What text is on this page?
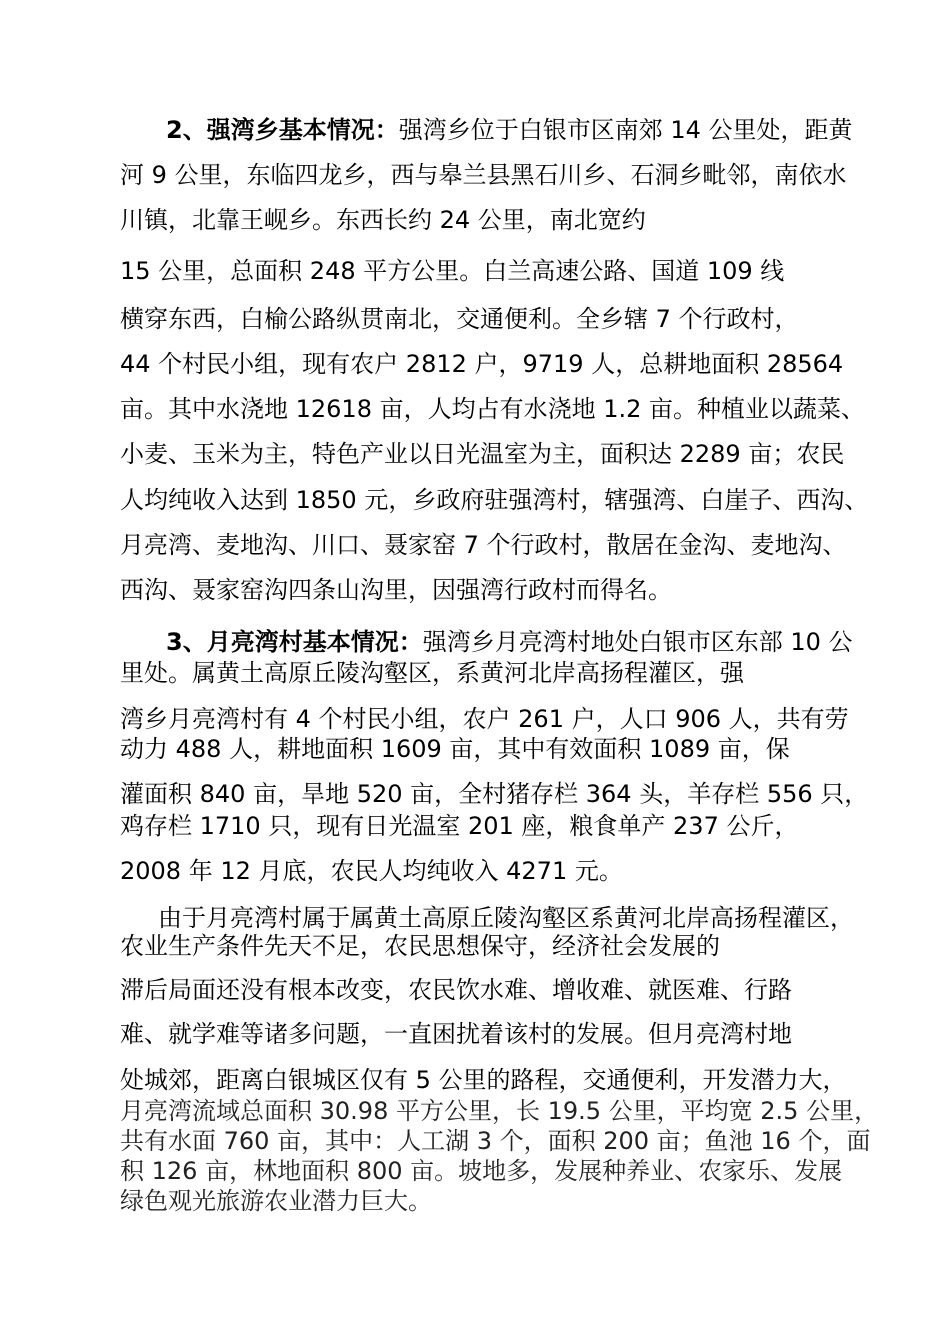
2、强湾乡基本情况：强湾乡位于白银市区南郊 14 公里处，距黄
河 9 公里，东临四龙乡，西与皋兰县黑石川乡、石洞乡毗邻，南依水
川镇，北靠王岘乡。东西长约 24 公里，南北宽约
15 公里，总面积 248 平方公里。白兰高速公路、国道 109 线
横穿东西，白榆公路纵贯南北，交通便利。全乡辖 7 个行政村，
44 个村民小组，现有农户 2812 户，9719 人，总耕地面积 28564
亩。其中水浇地 12618 亩，人均占有水浇地 1.2 亩。种植业以蔬菜、
小麦、玉米为主，特色产业以日光温室为主，面积达 2289 亩；农民
人均纯收入达到 1850 元，乡政府驻强湾村，辖强湾、白崖子、西沟、
月亮湾、麦地沟、川口、聂家窑 7 个行政村，散居在金沟、麦地沟、
西沟、聂家窑沟四条山沟里，因强湾行政村而得名。
3、月亮湾村基本情况：强湾乡月亮湾村地处白银市区东部 10 公
里处。属黄土高原丘陵沟壑区，系黄河北岸高扬程灌区，强
湾乡月亮湾村有 4 个村民小组，农户 261 户，人口 906 人，共有劳
动力 488 人，耕地面积 1609 亩，其中有效面积 1089 亩，保
灌面积 840 亩，旱地 520 亩，全村猪存栏 364 头，羊存栏 556 只，
鸡存栏 1710 只，现有日光温室 201 座，粮食单产 237 公斤，
2008 年 12 月底，农民人均纯收入 4271 元。
由于月亮湾村属于属黄土高原丘陵沟壑区系黄河北岸高扬程灌区，
农业生产条件先天不足，农民思想保守，经济社会发展的
滞后局面还没有根本改变，农民饮水难、增收难、就医难、行路
难、就学难等诸多问题，一直困扰着该村的发展。但月亮湾村地
处城郊，距离白银城区仅有 5 公里的路程，交通便利，开发潜力大，
月亮湾流域总面积 30.98 平方公里，长 19.5 公里，平均宽 2.5 公里，
共有水面 760 亩，其中：人工湖 3 个，面积 200 亩；鱼池 16 个，面
积 126 亩，林地面积 800 亩。坡地多，发展种养业、农家乐、发展
绿色观光旅游农业潜力巨大。
